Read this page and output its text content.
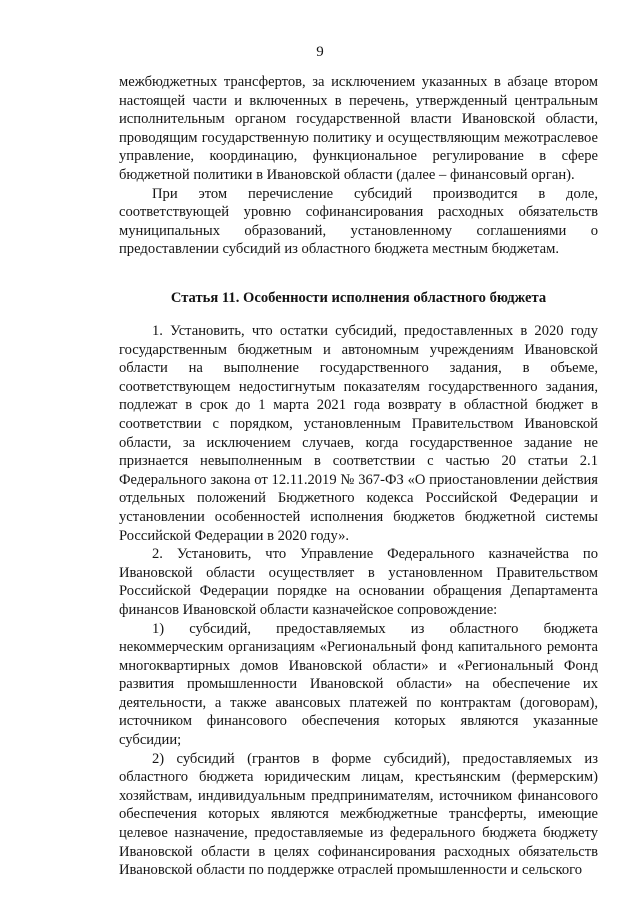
9

межбюджетных трансфертов, за исключением указанных в абзаце втором настоящей части и включенных в перечень, утвержденный центральным исполнительным органом государственной власти Ивановской области, проводящим государственную политику и осуществляющим межотраслевое управление, координацию, функциональное регулирование в сфере бюджетной политики в Ивановской области (далее – финансовый орган).

При этом перечисление субсидий производится в доле, соответствующей уровню софинансирования расходных обязательств муниципальных образований, установленному соглашениями о предоставлении субсидий из областного бюджета местным бюджетам.

Статья 11. Особенности исполнения областного бюджета

1. Установить, что остатки субсидий, предоставленных в 2020 году государственным бюджетным и автономным учреждениям Ивановской области на выполнение государственного задания, в объеме, соответствующем недостигнутым показателям государственного задания, подлежат в срок до 1 марта 2021 года возврату в областной бюджет в соответствии с порядком, установленным Правительством Ивановской области, за исключением случаев, когда государственное задание не признается невыполненным в соответствии с частью 20 статьи 2.1 Федерального закона от 12.11.2019 № 367-ФЗ «О приостановлении действия отдельных положений Бюджетного кодекса Российской Федерации и установлении особенностей исполнения бюджетов бюджетной системы Российской Федерации в 2020 году».

2. Установить, что Управление Федерального казначейства по Ивановской области осуществляет в установленном Правительством Российской Федерации порядке на основании обращения Департамента финансов Ивановской области казначейское сопровождение:

1) субсидий, предоставляемых из областного бюджета некоммерческим организациям «Региональный фонд капитального ремонта многоквартирных домов Ивановской области» и «Региональный Фонд развития промышленности Ивановской области» на обеспечение их деятельности, а также авансовых платежей по контрактам (договорам), источником финансового обеспечения которых являются указанные субсидии;

2) субсидий (грантов в форме субсидий), предоставляемых из областного бюджета юридическим лицам, крестьянским (фермерским) хозяйствам, индивидуальным предпринимателям, источником финансового обеспечения которых являются межбюджетные трансферты, имеющие целевое назначение, предоставляемые из федерального бюджета бюджету Ивановской области в целях софинансирования расходных обязательств Ивановской области по поддержке отраслей промышленности и сельского
